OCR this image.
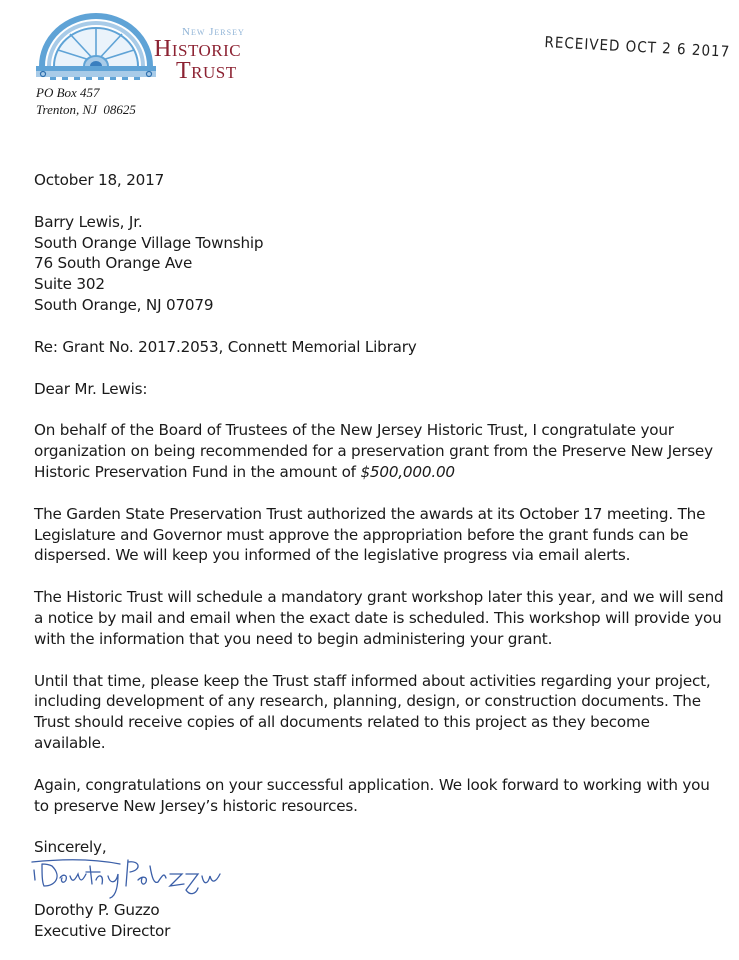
New Jersey
Historic
Trust
PO Box 457
Trenton, NJ  08625
RECEIVED OCT 2 6 2017

October 18, 2017

Barry Lewis, Jr.

South Orange Village Township

76 South Orange Ave

Suite 302

South Orange, NJ 07079

Re: Grant No. 2017.2053, Connett Memorial Library

Dear Mr. Lewis:

On behalf of the Board of Trustees of the New Jersey Historic Trust, I congratulate your organization on being recommended for a preservation grant from the Preserve New Jersey Historic Preservation Fund in the amount of $500,000.00

The Garden State Preservation Trust authorized the awards at its October 17 meeting. The Legislature and Governor must approve the appropriation before the grant funds can be dispersed. We will keep you informed of the legislative progress via email alerts.

The Historic Trust will schedule a mandatory grant workshop later this year, and we will send a notice by mail and email when the exact date is scheduled. This workshop will provide you with the information that you need to begin administering your grant.

Until that time, please keep the Trust staff informed about activities regarding your project, including development of any research, planning, design, or construction documents. The Trust should receive copies of all documents related to this project as they become available.

Again, congratulations on your successful application. We look forward to working with you to preserve New Jersey’s historic resources.

Sincerely,

Dorothy P. Guzzo

Executive Director
